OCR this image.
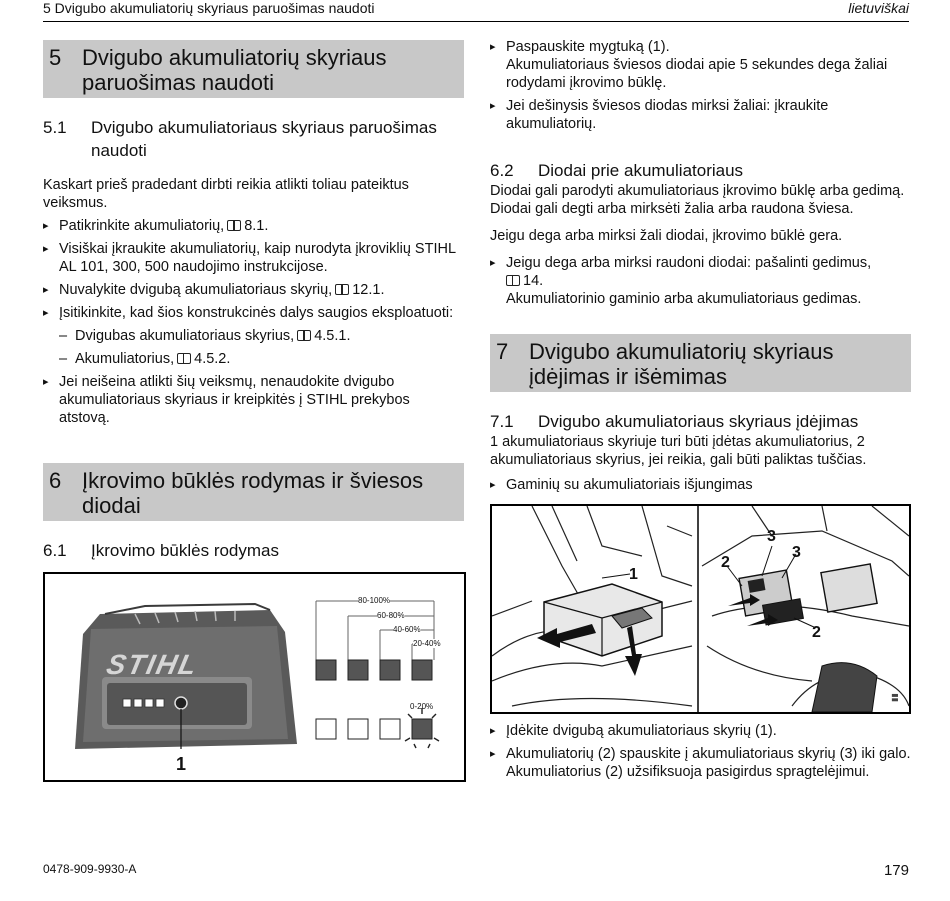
5 Dvigubo akumuliatorių skyriaus paruošimas naudoti	lietuviškai
5 Dvigubo akumuliatorių skyriaus paruošimas naudoti
5.1	Dvigubo akumuliatoriaus skyriaus paruošimas naudoti
Kaskart prieš pradedant dirbti reikia atlikti toliau pateiktus veiksmus.
▸ Patikrinkite akumuliatorių, 8.1.
▸ Visiškai įkraukite akumuliatorių, kaip nurodyta įkroviklių STIHL AL 101, 300, 500 naudojimo instrukcijose.
▸ Nuvalykite dvigubą akumuliatoriaus skyrių, 12.1.
▸ Įsitikinkite, kad šios konstrukcinės dalys saugios eksploatuoti:
– Dvigubas akumuliatoriaus skyrius, 4.5.1.
– Akumuliatorius, 4.5.2.
▸ Jei neišeina atlikti šių veiksmų, nenaudokite dvigubo akumuliatoriaus skyriaus ir kreipkitės į STIHL prekybos atstovą.
6 Įkrovimo būklės rodymas ir šviesos diodai
6.1	Įkrovimo būklės rodymas
STIHL
1
80-100%
60-80%
40-60%
20-40%
0-20%
▸ Paspauskite mygtuką (1).
Akumuliatoriaus šviesos diodai apie 5 sekundes dega žaliai rodydami įkrovimo būklę.
▸ Jei dešinysis šviesos diodas mirksi žaliai: įkraukite akumuliatorių.
6.2	Diodai prie akumuliatoriaus
Diodai gali parodyti akumuliatoriaus įkrovimo būklę arba gedimą. Diodai gali degti arba mirksėti žalia arba raudona šviesa.
Jeigu dega arba mirksi žali diodai, įkrovimo būklė gera.
▸ Jeigu dega arba mirksi raudoni diodai: pašalinti gedimus,
14.
Akumuliatorinio gaminio arba akumuliatoriaus gedimas.
7 Dvigubo akumuliatorių skyriaus įdėjimas ir išėmimas
7.1	Dvigubo akumuliatoriaus skyriaus įdėjimas
1 akumuliatoriaus skyriuje turi būti įdėtas akumuliatorius, 2 akumuliatoriaus skyrius, jei reikia, gali būti paliktas tuščias.
▸ Gaminių su akumuliatoriais išjungimas
▮▮
1
2
3
3
2
▸ Įdėkite dvigubą akumuliatoriaus skyrių (1).
▸ Akumuliatorių (2) spauskite į akumuliatoriaus skyrių (3) iki galo.
Akumuliatorius (2) užsifiksuoja pasigirdus spragtelėjimui.
0478-909-9930-A	179
